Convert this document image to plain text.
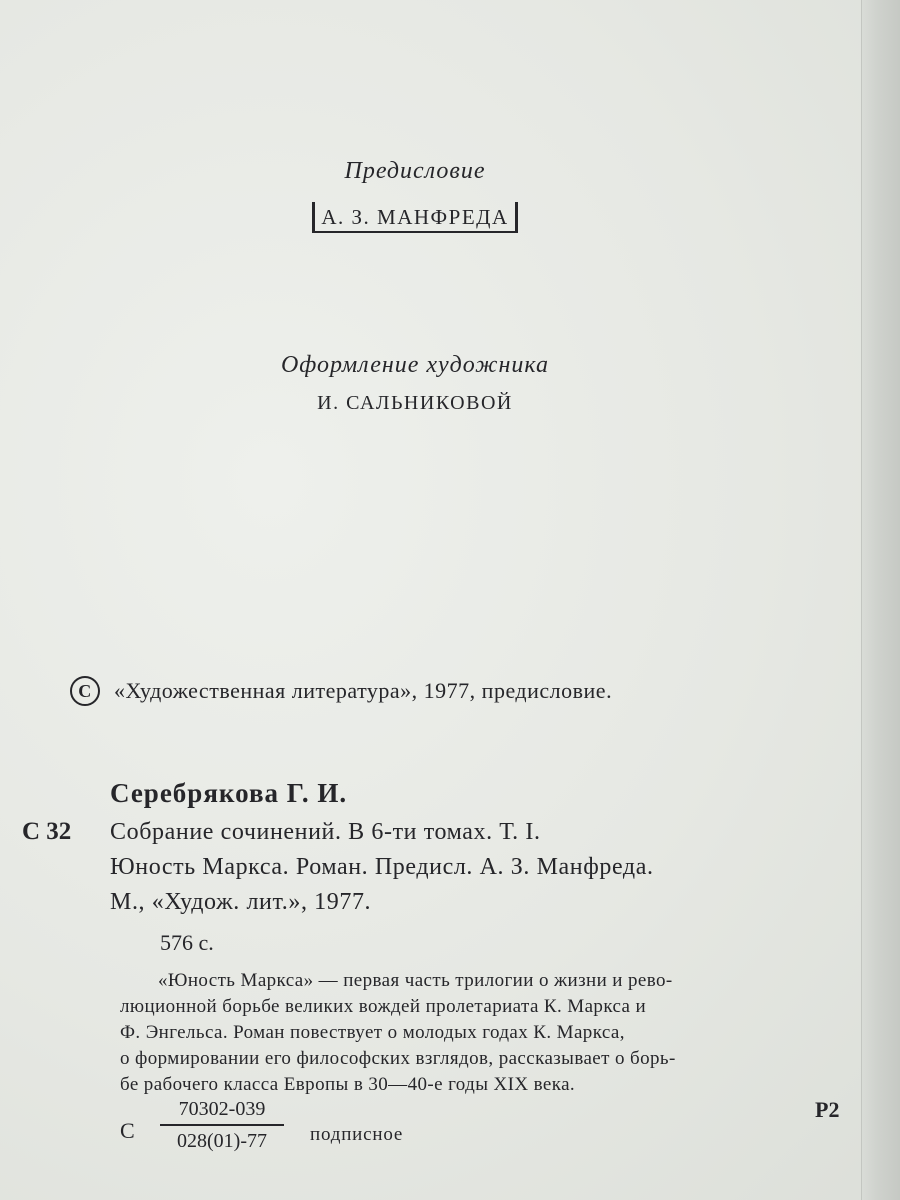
Предисловие
А. З. МАНФРЕДА
Оформление художника
И. САЛЬНИКОВОЙ
C	«Художественная литература», 1977, предисловие.
Серебрякова Г. И.
С 32 Собрание сочинений. В 6-ти томах. Т. I.
Юность Маркса. Роман. Предисл. А. З. Манфреда.
М., «Худож. лит.», 1977.
576 с.
«Юность Маркса» — первая часть трилогии о жизни и рево-
люционной борьбе великих вождей пролетариата К. Маркса и
Ф. Энгельса. Роман повествует о молодых годах К. Маркса,
о формировании его философских взглядов, рассказывает о борь-
бе рабочего класса Европы в 30—40-е годы XIX века.
С $\frac{70302-039}{028(01)-77}$ подписное
Р2
